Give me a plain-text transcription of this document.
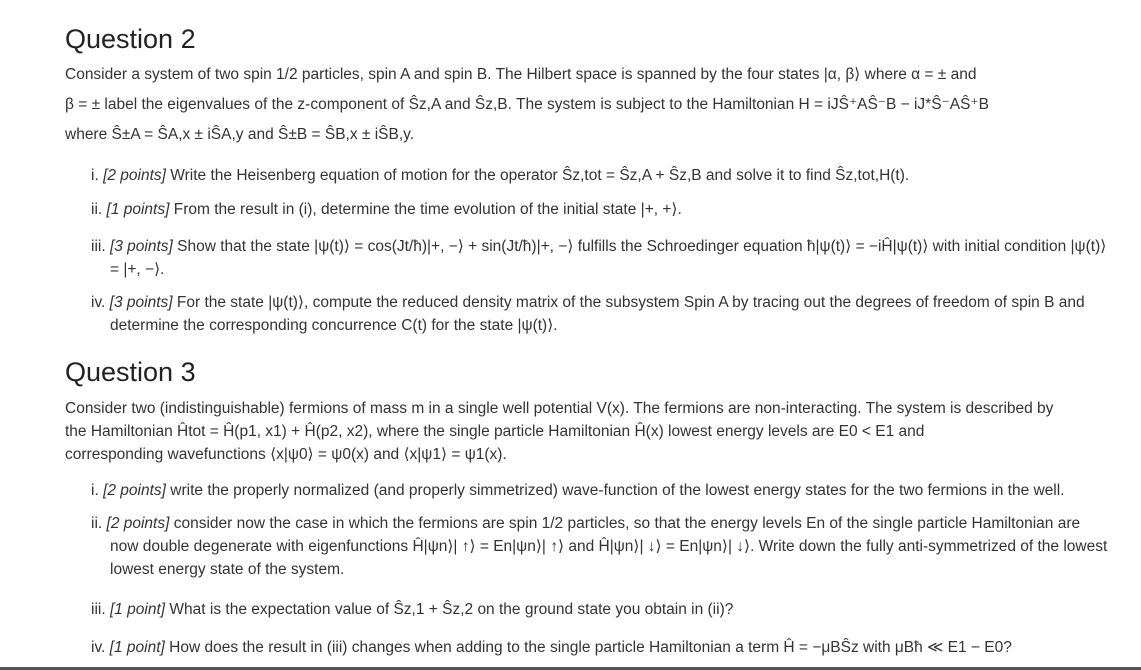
Question 2
Consider a system of two spin 1/2 particles, spin A and spin B. The Hilbert space is spanned by the four states |α, β⟩ where α = ± and
β = ± label the eigenvalues of the z-component of Ŝz,A and Ŝz,B. The system is subject to the Hamiltonian H = iJŜ⁺AŜ⁻B − iJ*Ŝ⁻AŜ⁺B
where Ŝ±A = ŜA,x ± iŜA,y and Ŝ±B = ŜB,x ± iŜB,y.
i. [2 points] Write the Heisenberg equation of motion for the operator Ŝz,tot = Ŝz,A + Ŝz,B and solve it to find Ŝz,tot,H(t).
ii. [1 points] From the result in (i), determine the time evolution of the initial state |+, +⟩.
iii. [3 points] Show that the state |ψ(t)⟩ = cos(Jt/ħ)|+, −⟩ + sin(Jt/ħ)|+, −⟩ fulfills the Schroedinger equation ħ|ψ(t)⟩ = −iĤ|ψ(t)⟩ with initial condition |ψ(t)⟩ = |+, −⟩.
iv. [3 points] For the state |ψ(t)⟩, compute the reduced density matrix of the subsystem Spin A by tracing out the degrees of freedom of spin B and determine the corresponding concurrence C(t) for the state |ψ(t)⟩.
Question 3
Consider two (indistinguishable) fermions of mass m in a single well potential V(x). The fermions are non-interacting. The system is described by
the Hamiltonian Ĥtot = Ĥ(p1, x1) + Ĥ(p2, x2), where the single particle Hamiltonian Ĥ(x) lowest energy levels are E0 < E1 and
corresponding wavefunctions ⟨x|ψ0⟩ = ψ0(x) and ⟨x|ψ1⟩ = ψ1(x).
i. [2 points] write the properly normalized (and properly simmetrized) wave-function of the lowest energy states for the two fermions in the well.
ii. [2 points] consider now the case in which the fermions are spin 1/2 particles, so that the energy levels En of the single particle Hamiltonian are now double degenerate with eigenfunctions Ĥ|ψn⟩| ↑⟩ = En|ψn⟩| ↑⟩ and Ĥ|ψn⟩| ↓⟩ = En|ψn⟩| ↓⟩. Write down the fully anti-symmetrized of the lowest lowest energy state of the system.
iii. [1 point] What is the expectation value of Ŝz,1 + Ŝz,2 on the ground state you obtain in (ii)?
iv. [1 point] How does the result in (iii) changes when adding to the single particle Hamiltonian a term Ĥ = −μBŜz with μBħ ≪ E1 − E0?
